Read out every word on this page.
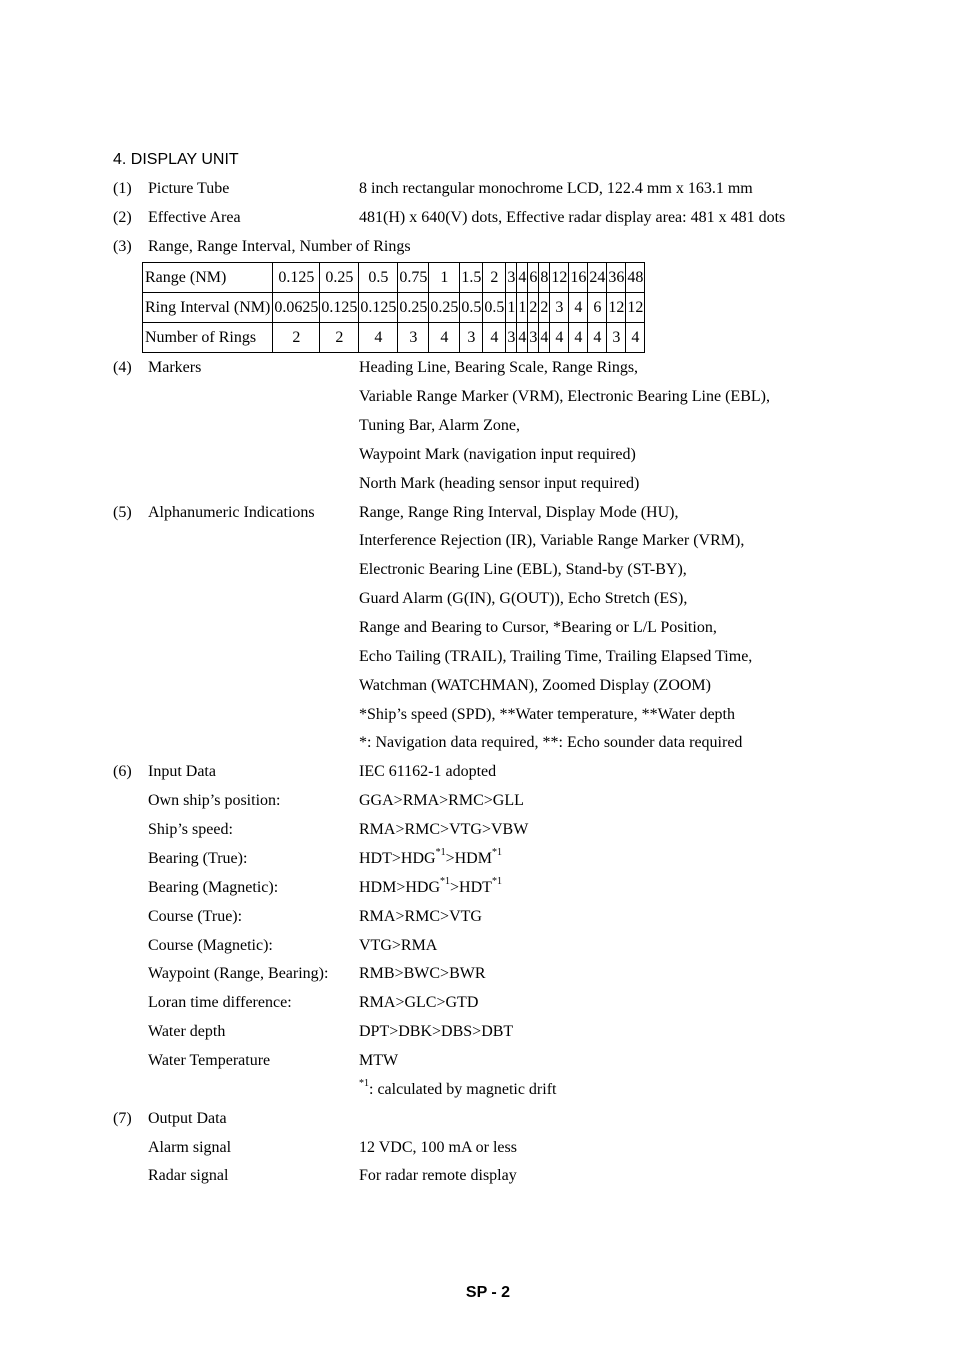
4. DISPLAY UNIT
(1)	Picture Tube	8 inch rectangular monochrome LCD, 122.4 mm x 163.1 mm
(2)	Effective Area	481(H) x 640(V) dots, Effective radar display area: 481 x 481 dots
(3)	Range, Range Interval, Number of Rings
Range (NM)	0.125	0.25	0.5	0.75	1	1.5	2	3	4	6	8	12	16	24	36	48
Ring Interval (NM)	0.0625	0.125	0.125	0.25	0.25	0.5	0.5	1	1	2	2	3	4	6	12	12
Number of Rings	2	2	4	3	4	3	4	3	4	3	4	4	4	4	3	4
(4)	Markers	Heading Line, Bearing Scale, Range Rings,
Variable Range Marker (VRM), Electronic Bearing Line (EBL),
Tuning Bar, Alarm Zone,
Waypoint Mark (navigation input required)
North Mark (heading sensor input required)
(5)	Alphanumeric Indications	Range, Range Ring Interval, Display Mode (HU),
Interference Rejection (IR), Variable Range Marker (VRM),
Electronic Bearing Line (EBL), Stand-by (ST-BY),
Guard Alarm (G(IN), G(OUT)), Echo Stretch (ES),
Range and Bearing to Cursor, *Bearing or L/L Position,
Echo Tailing (TRAIL), Trailing Time, Trailing Elapsed Time,
Watchman (WATCHMAN), Zoomed Display (ZOOM)
*Ship’s speed (SPD), **Water temperature, **Water depth
*: Navigation data required, **: Echo sounder data required
(6)	Input Data	IEC 61162-1 adopted
Own ship’s position:	GGA>RMA>RMC>GLL
Ship’s speed:	RMA>RMC>VTG>VBW
Bearing (True):	$HDT>HDG^{*1}>HDM^{*1}$
Bearing (Magnetic):	$HDM>HDG^{*1}>HDT^{*1}$
Course (True):	RMA>RMC>VTG
Course (Magnetic):	VTG>RMA
Waypoint (Range, Bearing): RMB>BWC>BWR
Loran time difference:	RMA>GLC>GTD
Water depth	DPT>DBK>DBS>DBT
Water Temperature	MTW
$^{*1}$: calculated by magnetic drift
(7)	Output Data
Alarm signal	12 VDC, 100 mA or less
Radar signal	For radar remote display
SP - 2
